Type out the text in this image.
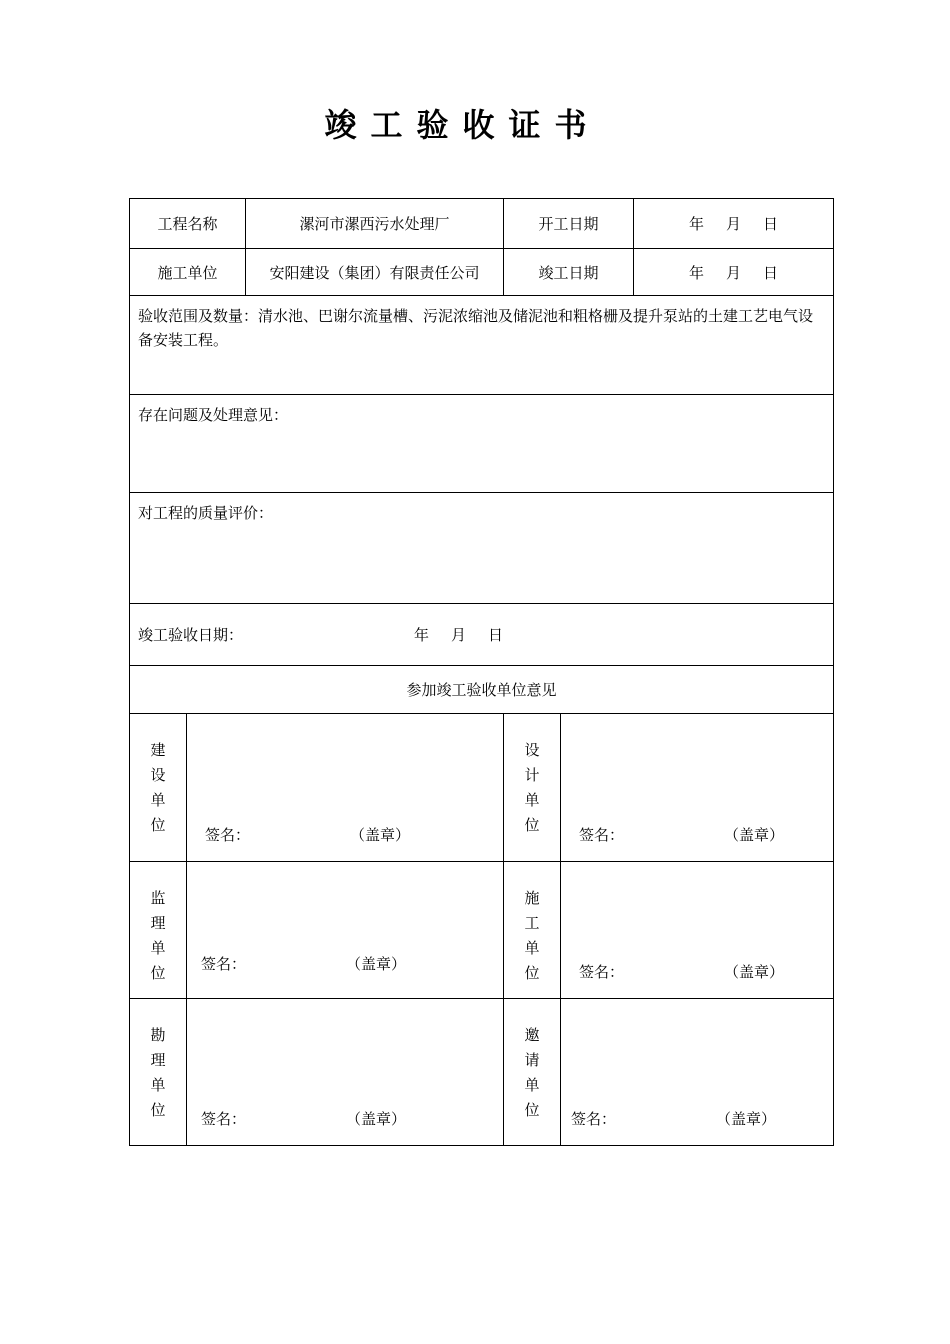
竣工验收证书
工程名称		漯河市漯西污水处理厂	开工日期		年 月 日
施工单位		安阳建设（集团）有限责任公司	竣工日期		年 月 日
验收范围及数量：清水池、巴谢尔流量槽、污泥浓缩池及储泥池和粗格栅及提升泵站的土建工艺电气设备安装工程。					
存在问题及处理意见：					
对工程的质量评价：					
竣工验收日期： 年 月 日					
参加竣工验收单位意见					

建
设
单
位	签名： （盖章）		设
计
单
位	签名： （盖章）	

监
理
单
位	签名： （盖章）		施
工
单
位	签名： （盖章）	

勘
理
单
位	签名： （盖章）		邀
请
单
位	签名： （盖章）	
